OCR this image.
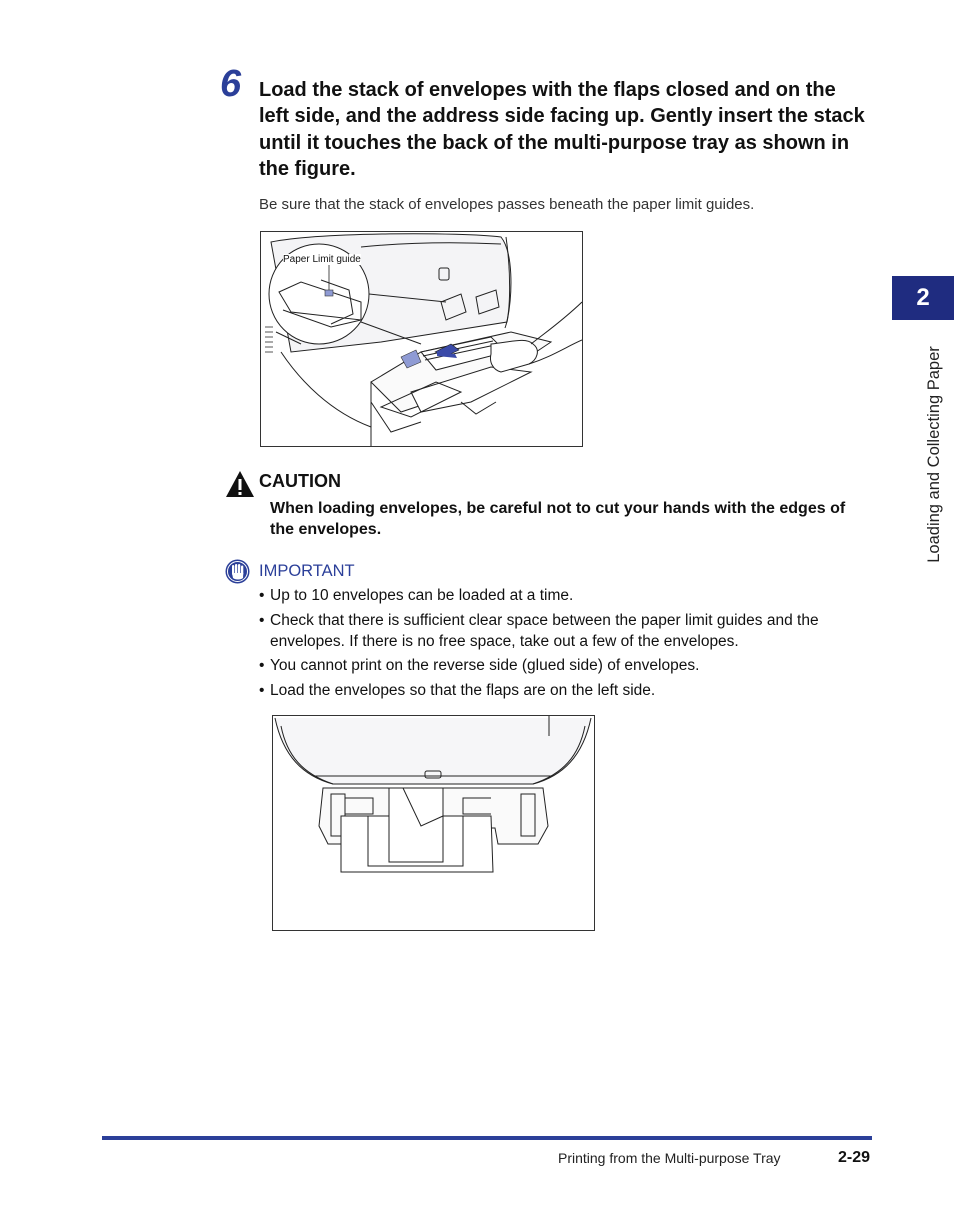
6 Load the stack of envelopes with the flaps closed and on the left side, and the address side facing up. Gently insert the stack until it touches the back of the multi-purpose tray as shown in the figure.
Be sure that the stack of envelopes passes beneath the paper limit guides.
Paper Limit guide
CAUTION
When loading envelopes, be careful not to cut your hands with the edges of the envelopes.
IMPORTANT
• Up to 10 envelopes can be loaded at a time.
• Check that there is sufficient clear space between the paper limit guides and the envelopes. If there is no free space, take out a few of the envelopes.
• You cannot print on the reverse side (glued side) of envelopes.
• Load the envelopes so that the flaps are on the left side.
2
Loading and Collecting Paper
Printing from the Multi-purpose Tray	2-29
